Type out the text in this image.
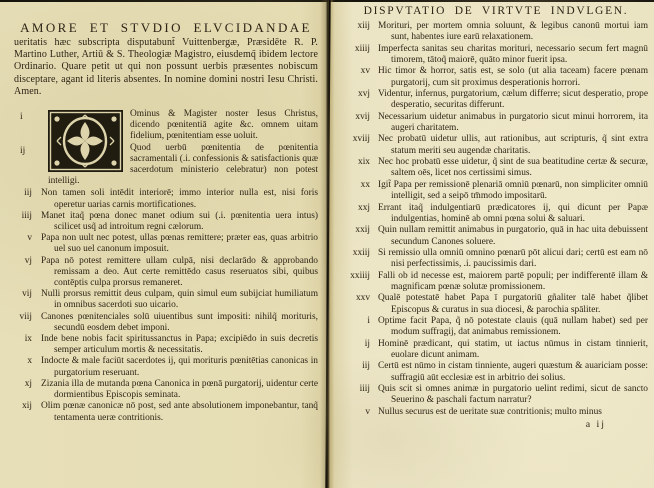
AMORE ET STVDIO ELVCIDANDAE
ueritatis hæc subscripta disputabunt̃ Vuittenbergæ, Præsidēte R. P. Martino Luther, Artiū & S. Theologiæ Magistro, eiusdemq̃ ibidem lectore Ordinario. Quare petit ut qui non possunt uerbis præsentes nobiscum disceptare, agant id literis absentes. In nomine domini nostri Iesu Christi. Amen.
i
ij
Ominus & Magister noster Iesus Christus, dicendo pœnitentiā agite &c. omnem uitam fidelium, pœnitentiam esse uoluit.
Quod uerbū pœnitentia de pœnitentia sacramentali (.i. confessionis & satisfactionis quæ sacerdotum ministerio celebratur) non potest intelligi.
iij Non tamen soli intēdit interiorē; immo interior nulla est, nisi foris operetur uarias carnis mortificationes.
iiij Manet itaq̃ pœna donec manet odium sui (.i. pœnitentia uera intus) scilicet usq̃ ad introitum regni cælorum.
v Papa non uult nec potest, ullas pœnas remittere; præter eas, quas arbitrio uel suo uel canonum imposuit.
vj Papa nō potest remittere ullam culpā, nisi declarādo & approbando remissam a deo. Aut certe remittēdo casus reseruatos sibi, quibus contēptis culpa prorsus remaneret.
vij Nulli prorsus remittit deus culpam, quin simul eum subijciat humiliatum in omnibus sacerdoti suo uicario.
viij Canones pœnitenciales solū uiuentibus sunt impositi: nihilq̃ morituris, secundū eosdem debet imponi.
ix Inde bene nobis facit spiritussanctus in Papa; excipiēdo in suis decretis semper articulum mortis & necessitatis.
x Indocte & male faciūt sacerdotes ij, qui morituris pœnitētias canonicas in purgatorium reseruant.
xj Zizania illa de mutanda pœna Canonica in pœnā purgatorij, uidentur certe dormientibus Episcopis seminata.
xij Olim pœnæ canonicæ nō post, sed ante absolutionem imponebantur, tanq̃ tentamenta ueræ contritionis.
DISPVTATIO DE VIRTVTE INDVLGEN.
xiij Morituri, per mortem omnia soluunt, & legibus canonū mortui iam sunt, habentes iure earū relaxationem.
xiiij Imperfecta sanitas seu charitas morituri, necessario secum fert magnū timorem, tātoq̃ maiorē, quāto minor fuerit ipsa.
xv Hic timor & horror, satis est, se solo (ut alia taceam) facere pœnam purgatorij, cum sit proximus desperationis horrori.
xvj Videntur, infernus, purgatorium, cælum differre; sicut desperatio, prope desperatio, securitas differunt.
xvij Necessarium uidetur animabus in purgatorio sicut minui horrorem, ita augeri charitatem.
xviij Nec probatū uidetur ullis, aut rationibus, aut scripturis, q̃ sint extra statum meriti seu augendæ charitatis.
xix Nec hoc probatū esse uidetur, q̃ sint de sua beatitudine certæ & securæ, saltem oēs, licet nos certissimi simus.
xx Igit̃ Papa per remissionē plenariā omniū pœnarū, non simpliciter omniū intelligit, sed a seipō tm̄modo impositarū.
xxj Errant itaq̃ indulgentiarū prædicatores ij, qui dicunt per Papæ indulgentias, hominē ab omni pœna solui & saluari.
xxij Quin nullam remittit animabus in purgatorio, quā in hac uita debuissent secundum Canones soluere.
xxiij Si remissio ulla omniū omnino pœnarū pōt alicui dari; certū est eam nō nisi perfectissimis, .i. paucissimis dari.
xxiiij Falli ob id necesse est, maiorem partē populi; per indifferentē illam & magnificam pœnæ solutæ promissionem.
xxv Qualē potestatē habet Papa ī purgatoriū gñaliter talē habet q̃libet Episcopus & curatus in sua diocesi, & parochia spāliter.
i Optime facit Papa, q̃ nō potestate clauis (quā nullam habet) sed per modum suffragij, dat animabus remissionem.
ij Hominē prædicant, qui statim, ut iactus nūmus in cistam tinnierit, euolare dicunt animam.
iij Certū est nūmo in cistam tinniente, augeri quæstum & auariciam posse: suffragiū aūt ecclesiæ est in arbitrio dei solius.
iiij Quis scit si omnes animæ in purgatorio uelint redimi, sicut de sancto Seuerino & paschali factum narratur?
v Nullus securus est de ueritate suæ contritionis; multo minus
a ij
